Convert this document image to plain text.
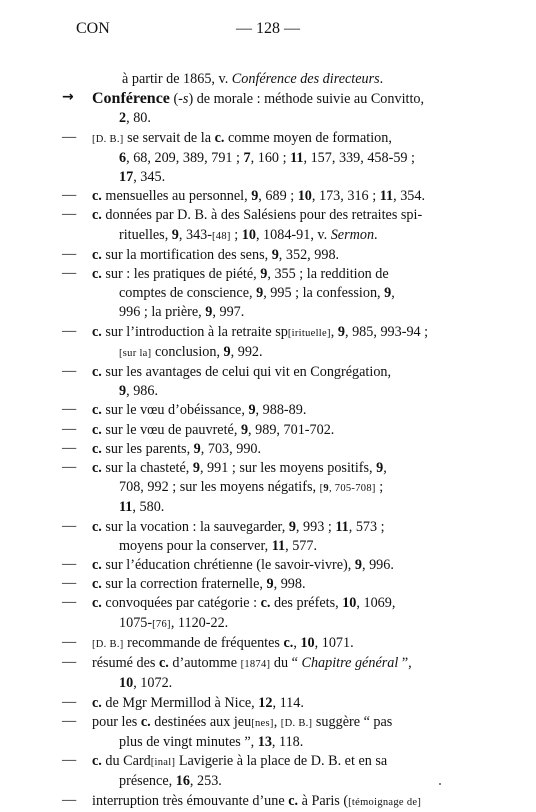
CON	— 128 —
à partir de 1865, v. Conférence des directeurs.
→	Conférence (-s) de morale : méthode suivie au Convitto,
2, 80.
—	[D. B.] se servait de la c. comme moyen de formation,
6, 68, 209, 389, 791 ; 7, 160 ; 11, 157, 339, 458-59 ;
17, 345.
—	c. mensuelles au personnel, 9, 689 ; 10, 173, 316 ; 11, 354.
—	c. données par D. B. à des Salésiens pour des retraites spi-
rituelles, 9, 343-[48] ; 10, 1084-91, v. Sermon.
—	c. sur la mortification des sens, 9, 352, 998.
—	c. sur : les pratiques de piété, 9, 355 ; la reddition de
comptes de conscience, 9, 995 ; la confession, 9,
996 ; la prière, 9, 997.
—	c. sur l’introduction à la retraite sp[irituelle], 9, 985, 993-94 ;
[sur la] conclusion, 9, 992.
—	c. sur les avantages de celui qui vit en Congrégation,
9, 986.
—	c. sur le vœu d’obéissance, 9, 988-89.
—	c. sur le vœu de pauvreté, 9, 989, 701-702.
—	c. sur les parents, 9, 703, 990.
—	c. sur la chasteté, 9, 991 ; sur les moyens positifs, 9,
708, 992 ; sur les moyens négatifs, [9, 705-708] ;
11, 580.
—	c. sur la vocation : la sauvegarder, 9, 993 ; 11, 573 ;
moyens pour la conserver, 11, 577.
—	c. sur l’éducation chrétienne (le savoir-vivre), 9, 996.
—	c. sur la correction fraternelle, 9, 998.
—	c. convoquées par catégorie : c. des préfets, 10, 1069,
1075-[76], 1120-22.
—	[D. B.] recommande de fréquentes c., 10, 1071.
—	résumé des c. d’automme [1874] du “ Chapitre général ”,
10, 1072.
—	c. de Mgr Mermillod à Nice, 12, 114.
—	pour les c. destinées aux jeu[nes], [D. B.] suggère “ pas
plus de vingt minutes ”, 13, 118.
—	c. du Card[inal] Lavigerie à la place de D. B. et en sa
présence, 16, 253.
—	interruption très émouvante d’une c. à Paris ([témoignage de]
